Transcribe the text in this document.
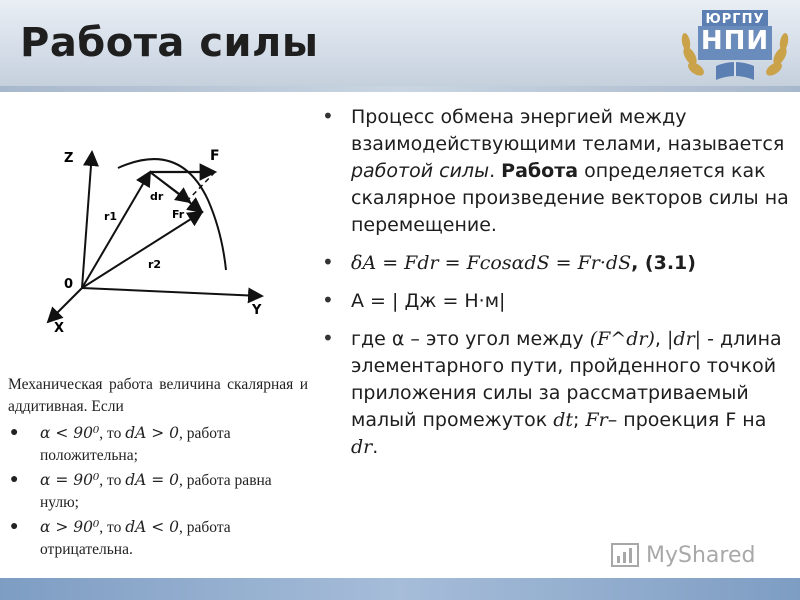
Работа силы
ЮРГПУ
НПИ
Z
Y
X
0
F
dr
Fr
r1
r2

Механическая работа величина скалярная и аддитивная. Если

● α < 90⁰, то dA > 0, работа положительна;
● α = 90⁰, то dA = 0, работа равна нулю;
● α > 90⁰, то dA < 0, работа отрицательна.
• Процесс обмена энергией между взаимодействующими телами, называется работой силы. Работа определяется как скалярное произведение векторов силы на перемещение.
• δA = Fdr = FcosαdS = Fr·dS, (3.1)
• А = | Дж = Н·м|
• где α – это угол между (F^dr), |dr| - длина элементарного пути, пройденного точкой приложения силы за рассматриваемый малый промежуток dt; Fr– проекция F на dr.
MyShared
